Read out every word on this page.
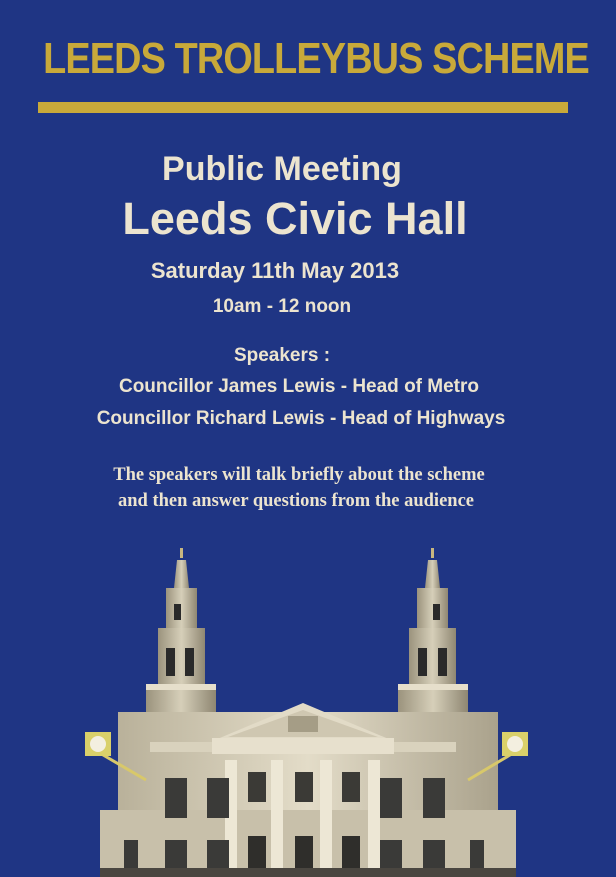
LEEDS TROLLEYBUS SCHEME
Public Meeting
Leeds Civic Hall
Saturday 11th May 2013
10am - 12 noon
Speakers :
Councillor James Lewis - Head of Metro
Councillor Richard Lewis - Head of Highways
The speakers will talk briefly about the scheme
and then answer questions from the audience
